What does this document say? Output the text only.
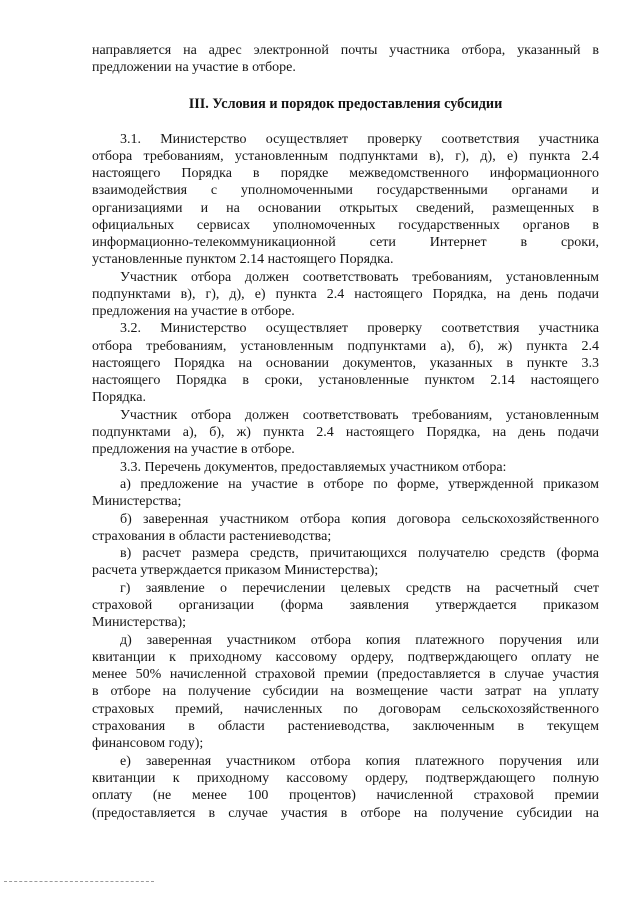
направляется на адрес электронной почты участника отбора, указанный в
предложении на участие в отборе.
III. Условия и порядок предоставления субсидии
3.1. Министерство осуществляет проверку соответствия участника
отбора требованиям, установленным подпунктами в), г), д), е) пункта 2.4
настоящего Порядка в порядке межведомственного информационного
взаимодействия с уполномоченными государственными органами и
организациями и на основании открытых сведений, размещенных в
официальных сервисах уполномоченных государственных органов в
информационно-телекоммуникационной сети Интернет в сроки,
установленные пунктом 2.14 настоящего Порядка.
Участник отбора должен соответствовать требованиям, установленным
подпунктами в), г), д), е) пункта 2.4 настоящего Порядка, на день подачи
предложения на участие в отборе.
3.2. Министерство осуществляет проверку соответствия участника
отбора требованиям, установленным подпунктами а), б), ж) пункта 2.4
настоящего Порядка на основании документов, указанных в пункте 3.3
настоящего Порядка в сроки, установленные пунктом 2.14 настоящего
Порядка.
Участник отбора должен соответствовать требованиям, установленным
подпунктами а), б), ж) пункта 2.4 настоящего Порядка, на день подачи
предложения на участие в отборе.
3.3. Перечень документов, предоставляемых участником отбора:
а) предложение на участие в отборе по форме, утвержденной приказом
Министерства;
б) заверенная участником отбора копия договора сельскохозяйственного
страхования в области растениеводства;
в) расчет размера средств, причитающихся получателю средств (форма
расчета утверждается приказом Министерства);
г) заявление о перечислении целевых средств на расчетный счет
страховой организации (форма заявления утверждается приказом
Министерства);
д) заверенная участником отбора копия платежного поручения или
квитанции к приходному кассовому ордеру, подтверждающего оплату не
менее 50% начисленной страховой премии (предоставляется в случае участия
в отборе на получение субсидии на возмещение части затрат на уплату
страховых премий, начисленных по договорам сельскохозяйственного
страхования в области растениеводства, заключенным в текущем
финансовом году);
е) заверенная участником отбора копия платежного поручения или
квитанции к приходному кассовому ордеру, подтверждающего полную
оплату (не менее 100 процентов) начисленной страховой премии
(предоставляется в случае участия в отборе на получение субсидии на
